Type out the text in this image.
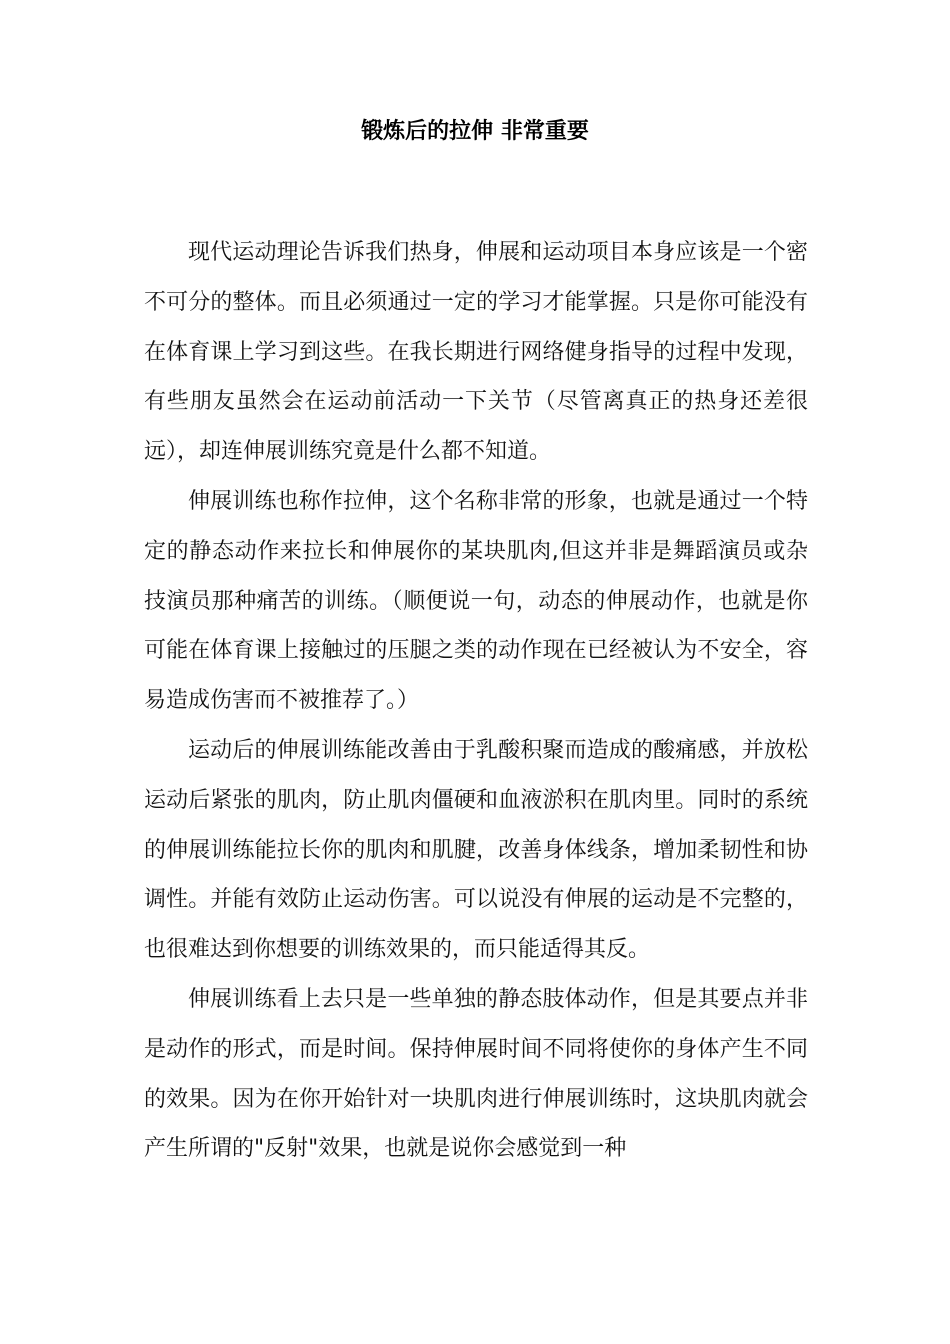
锻炼后的拉伸 非常重要

现代运动理论告诉我们热身，伸展和运动项目本身应该是一个密不可分的整体。而且必须通过一定的学习才能掌握。只是你可能没有在体育课上学习到这些。在我长期进行网络健身指导的过程中发现，有些朋友虽然会在运动前活动一下关节（尽管离真正的热身还差很远），却连伸展训练究竟是什么都不知道。

伸展训练也称作拉伸，这个名称非常的形象，也就是通过一个特定的静态动作来拉长和伸展你的某块肌肉,但这并非是舞蹈演员或杂技演员那种痛苦的训练。（顺便说一句，动态的伸展动作，也就是你可能在体育课上接触过的压腿之类的动作现在已经被认为不安全，容易造成伤害而不被推荐了。）

运动后的伸展训练能改善由于乳酸积聚而造成的酸痛感，并放松运动后紧张的肌肉，防止肌肉僵硬和血液淤积在肌肉里。同时的系统的伸展训练能拉长你的肌肉和肌腱，改善身体线条，增加柔韧性和协调性。并能有效防止运动伤害。可以说没有伸展的运动是不完整的，也很难达到你想要的训练效果的，而只能适得其反。

伸展训练看上去只是一些单独的静态肢体动作，但是其要点并非是动作的形式，而是时间。保持伸展时间不同将使你的身体产生不同的效果。因为在你开始针对一块肌肉进行伸展训练时，这块肌肉就会产生所谓的"反射"效果，也就是说你会感觉到一种
